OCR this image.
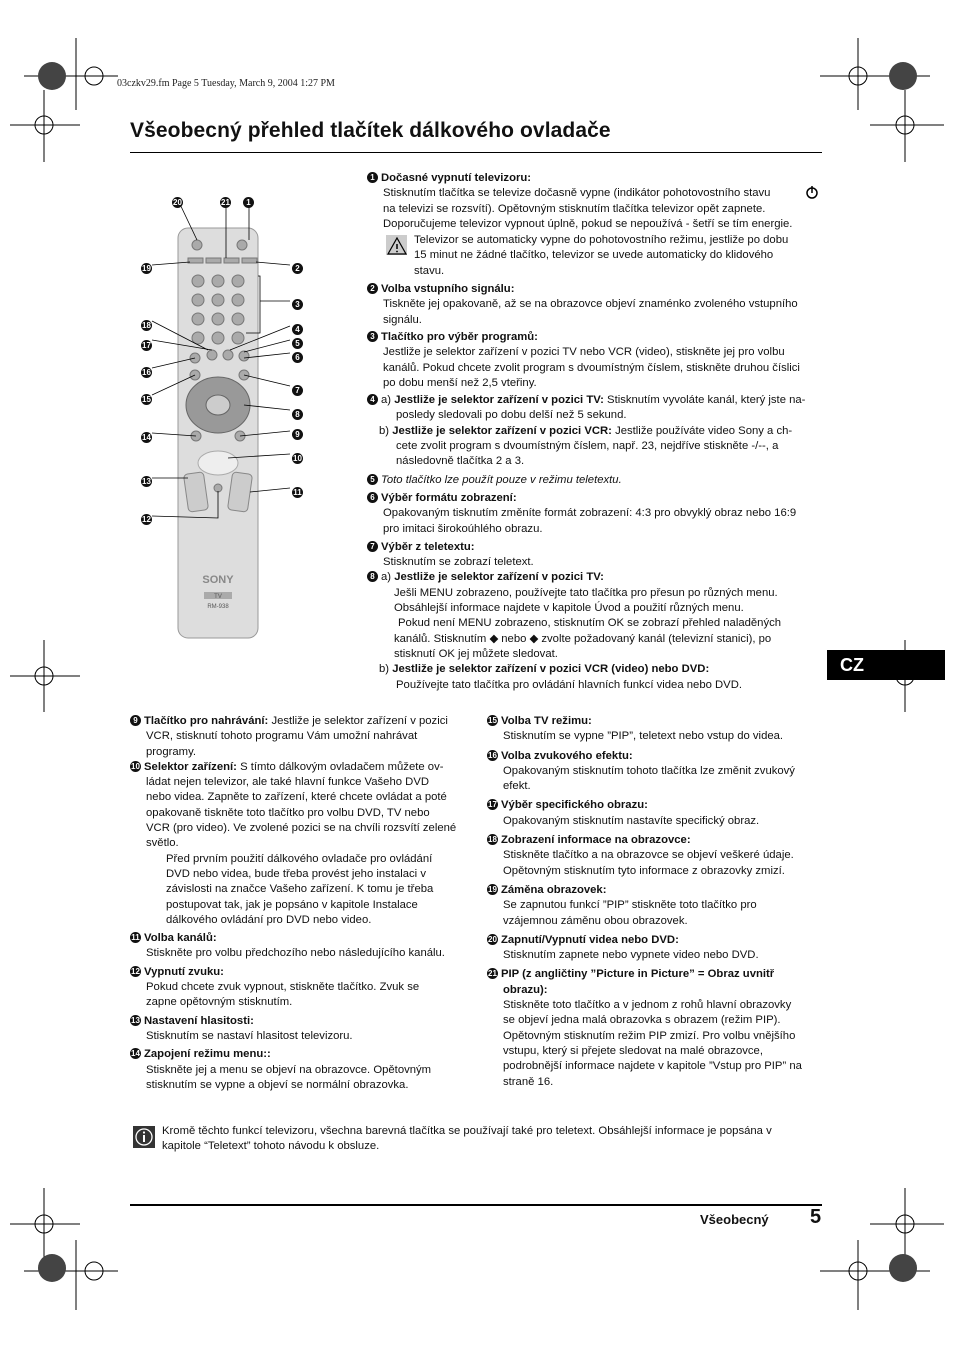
03czkv29.fm Page 5 Tuesday, March 9, 2004 1:27 PM
Všeobecný přehled tlačítek dálkového ovladače
SONY
TV
RM-938
20	21	1
19	2
3
18	4
17	5
6
16
7
15
8
9
14
10
13
11
12
1 Dočasné vypnutí televizoru:
Stisknutím tlačítka se televize dočasně vypne (indikátor pohotovostního stavu
na televizi se rozsvítí). Opětovným stisknutím tlačítka televizor opět zapnete.
Doporučujeme televizor vypnout úplně, pokud se nepoužívá - šetří se tím energie.
Televizor se automaticky vypne do pohotovostního režimu, jestliže po dobu
15 minut ne žádné tlačítko, televizor se uvede automaticky do klidového
stavu.
2 Volba vstupního signálu:
Tiskněte jej opakovaně, až se na obrazovce objeví znaménko zvoleného vstupního
signálu.
3 Tlačítko pro výběr programů:
Jestliže je selektor zařízení v pozici TV nebo VCR (video), stiskněte jej pro volbu
kanálů. Pokud chcete zvolit program s dvoumístným číslem, stiskněte druhou číslici
po dobu menší než 2,5 vteřiny.
4 a) Jestliže je selektor zařízení v pozici TV: Stisknutím vyvoláte kanál, který jste na-
posledy sledovali po dobu delší než 5 sekund.
b) Jestliže je selektor zařízení v pozici VCR: Jestliže používáte video Sony a ch-
cete zvolit program s dvoumístným číslem, např. 23, nejdříve stiskněte -/--, a
následovně tlačítka 2 a 3.
5 Toto tlačítko lze použít pouze v režimu teletextu.
6 Výběr formátu zobrazení:
Opakovaným tisknutím změníte formát zobrazení: 4:3 pro obvyklý obraz nebo 16:9
pro imitaci širokoúhlého obrazu.
7 Výběr z teletextu:
Stisknutím se zobrazí teletext.
8 a) Jestliže je selektor zařízení v pozici TV:
Ješli MENU zobrazeno, používejte tato tlačítka pro přesun po různých menu.
Obsáhlejší informace najdete v kapitole Úvod a použití různých menu.
Pokud není MENU zobrazeno, stisknutím OK se zobrazí přehled naladěných
kanálů. Stisknutím ◆ nebo ◆ zvolte požadovaný kanál (televizní stanici), po
stisknutí OK jej můžete sledovat.
b) Jestliže je selektor zařízení v pozici VCR (video) nebo DVD:
Používejte tato tlačítka pro ovládání hlavních funkcí videa nebo DVD.
CZ
9 Tlačítko pro nahrávání: Jestliže je selektor zařízení v pozici
VCR, stisknutí tohoto programu Vám umožní nahrávat
programy.
10 Selektor zařízení: S tímto dálkovým ovladačem můžete ov-
ládat nejen televizor, ale také hlavní funkce Vašeho DVD
nebo videa. Zapněte to zařízení, které chcete ovládat a poté
opakovaně tiskněte toto tlačítko pro volbu DVD, TV nebo
VCR (pro video). Ve zvolené pozici se na chvíli rozsvítí zelené
světlo.
Před prvním použití dálkového ovladače pro ovládání
DVD nebo videa, bude třeba provést jeho instalaci v
závislosti na značce Vašeho zařízení. K tomu je třeba
postupovat tak, jak je popsáno v kapitole Instalace
dálkového ovládání pro DVD nebo video.
11 Volba kanálů:
Stiskněte pro volbu předchozího nebo následujícího kanálu.
12 Vypnutí zvuku:
Pokud chcete zvuk vypnout, stiskněte tlačítko. Zvuk se
zapne opětovným stisknutím.
13 Nastavení hlasitosti:
Stisknutím se nastaví hlasitost televizoru.
14 Zapojení režimu menu::
Stiskněte jej a menu se objeví na obrazovce. Opětovným
stisknutím se vypne a objeví se normální obrazovka.
15 Volba TV režimu:
Stisknutím se vypne ”PIP”, teletext nebo vstup do videa.
16 Volba zvukového efektu:
Opakovaným stisknutím tohoto tlačítka lze změnit zvukový
efekt.
17 Výběr specifického obrazu:
Opakovaným stisknutím nastavíte specifický obraz.
18 Zobrazení informace na obrazovce:
Stiskněte tlačítko a na obrazovce se objeví veškeré údaje.
Opětovným stisknutím tyto informace z obrazovky zmizí.
19 Záměna obrazovek:
Se zapnutou funkcí ”PIP” stiskněte toto tlačítko pro
vzájemnou záměnu obou obrazovek.
20 Zapnutí/Vypnutí videa nebo DVD:
Stisknutím zapnete nebo vypnete video nebo DVD.
21 PIP (z angličtiny ”Picture in Picture” = Obraz uvnitř
obrazu):
Stiskněte toto tlačítko a v jednom z rohů hlavní obrazovky
se objeví jedna malá obrazovka s obrazem (režim PIP).
Opětovným stisknutím režim PIP zmizí. Pro volbu vnějšího
vstupu, který si přejete sledovat na malé obrazovce,
podrobnější informace najdete v kapitole ”Vstup pro PIP” na
straně 16.
Kromě těchto funkcí televizoru, všechna barevná tlačítka se používají také pro teletext. Obsáhlejší informace je popsána v
kapitole “Teletext” tohoto návodu k obsluze.
Všeobecný 5
